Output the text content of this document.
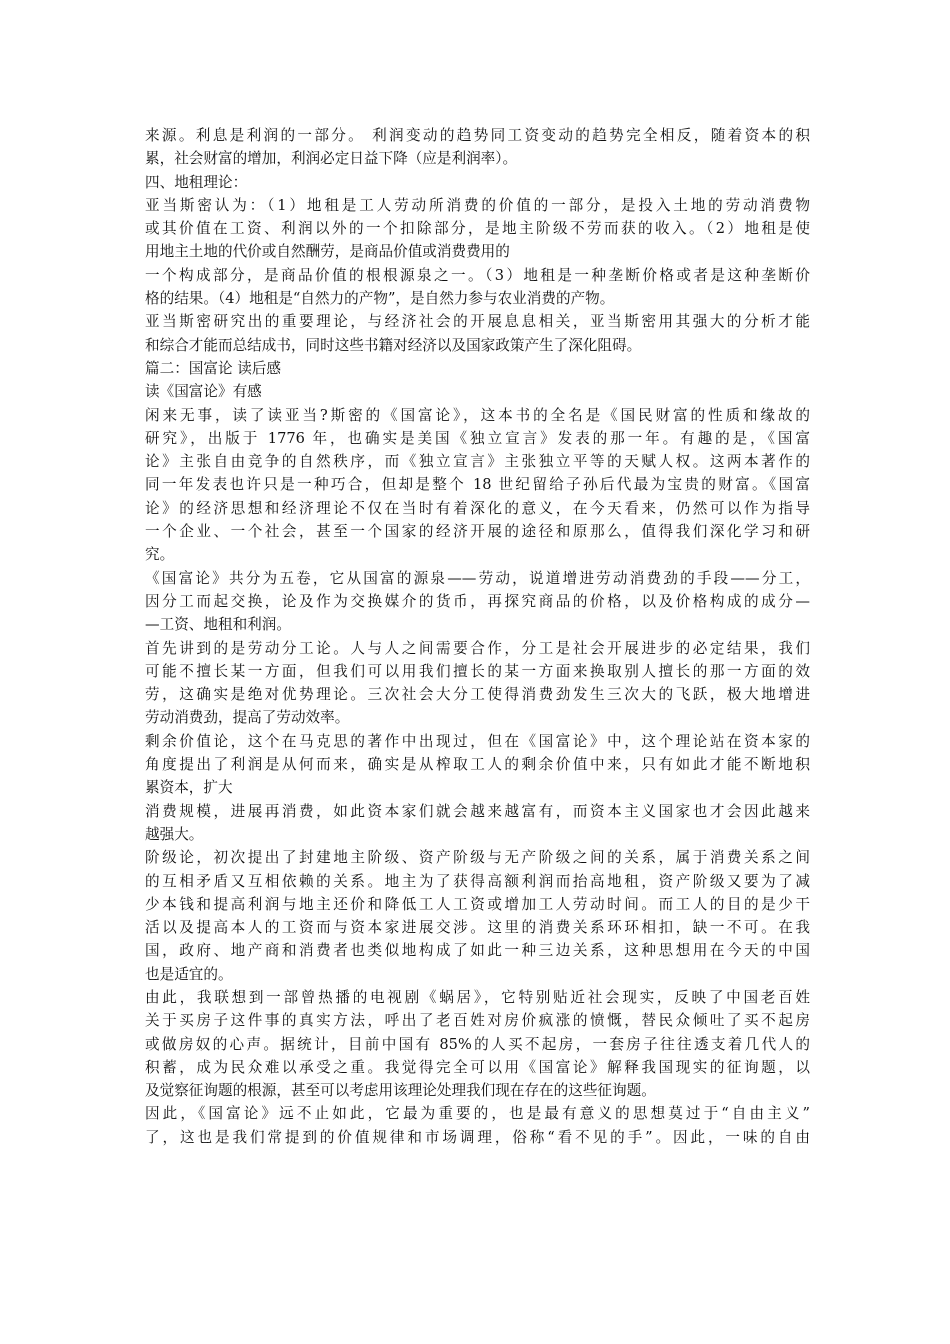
来源。利息是利润的一部分。 利润变动的趋势同工资变动的趋势完全相反，随着资本的积
累，社会财富的增加，利润必定日益下降（应是利润率）。
四、地租理论：
亚当斯密认为：（1）地租是工人劳动所消费的价值的一部分，是投入土地的劳动消费物
或其价值在工资、利润以外的一个扣除部分，是地主阶级不劳而获的收入。（2）地租是使
用地主土地的代价或自然酬劳，是商品价值或消费费用的
一个构成部分，是商品价值的根根源泉之一。（3）地租是一种垄断价格或者是这种垄断价
格的结果。（4）地租是“自然力的产物”，是自然力参与农业消费的产物。
亚当斯密研究出的重要理论，与经济社会的开展息息相关，亚当斯密用其强大的分析才能
和综合才能而总结成书，同时这些书籍对经济以及国家政策产生了深化阻碍。
篇二：国富论 读后感
读《国富论》有感
闲来无事，读了读亚当?斯密的《国富论》，这本书的全名是《国民财富的性质和缘故的
研究》，出版于 1776 年，也确实是美国《独立宣言》发表的那一年。有趣的是，《国富
论》主张自由竞争的自然秩序，而《独立宣言》主张独立平等的天赋人权。这两本著作的
同一年发表也许只是一种巧合，但却是整个 18 世纪留给子孙后代最为宝贵的财富。《国富
论》的经济思想和经济理论不仅在当时有着深化的意义，在今天看来，仍然可以作为指导
一个企业、一个社会，甚至一个国家的经济开展的途径和原那么，值得我们深化学习和研
究。
《国富论》共分为五卷，它从国富的源泉——劳动，说道增进劳动消费劲的手段——分工，
因分工而起交换，论及作为交换媒介的货币，再探究商品的价格，以及价格构成的成分—
—工资、地租和利润。
首先讲到的是劳动分工论。人与人之间需要合作，分工是社会开展进步的必定结果，我们
可能不擅长某一方面，但我们可以用我们擅长的某一方面来换取别人擅长的那一方面的效
劳，这确实是绝对优势理论。三次社会大分工使得消费劲发生三次大的飞跃，极大地增进
劳动消费劲，提高了劳动效率。
剩余价值论，这个在马克思的著作中出现过，但在《国富论》中，这个理论站在资本家的
角度提出了利润是从何而来，确实是从榨取工人的剩余价值中来，只有如此才能不断地积
累资本，扩大
消费规模，进展再消费，如此资本家们就会越来越富有，而资本主义国家也才会因此越来
越强大。
阶级论，初次提出了封建地主阶级、资产阶级与无产阶级之间的关系，属于消费关系之间
的互相矛盾又互相依赖的关系。地主为了获得高额利润而抬高地租，资产阶级又要为了减
少本钱和提高利润与地主还价和降低工人工资或增加工人劳动时间。而工人的目的是少干
活以及提高本人的工资而与资本家进展交涉。这里的消费关系环环相扣，缺一不可。在我
国，政府、地产商和消费者也类似地构成了如此一种三边关系，这种思想用在今天的中国
也是适宜的。
由此，我联想到一部曾热播的电视剧《蜗居》，它特别贴近社会现实，反映了中国老百姓
关于买房子这件事的真实方法，呼出了老百姓对房价疯涨的愤慨，替民众倾吐了买不起房
或做房奴的心声。据统计，目前中国有 85%的人买不起房，一套房子往往透支着几代人的
积蓄，成为民众难以承受之重。我觉得完全可以用《国富论》解释我国现实的征询题，以
及觉察征询题的根源，甚至可以考虑用该理论处理我们现在存在的这些征询题。
因此，《国富论》远不止如此，它最为重要的，也是最有意义的思想莫过于“自由主义”
了，这也是我们常提到的价值规律和市场调理，俗称“看不见的手”。因此，一味的自由
